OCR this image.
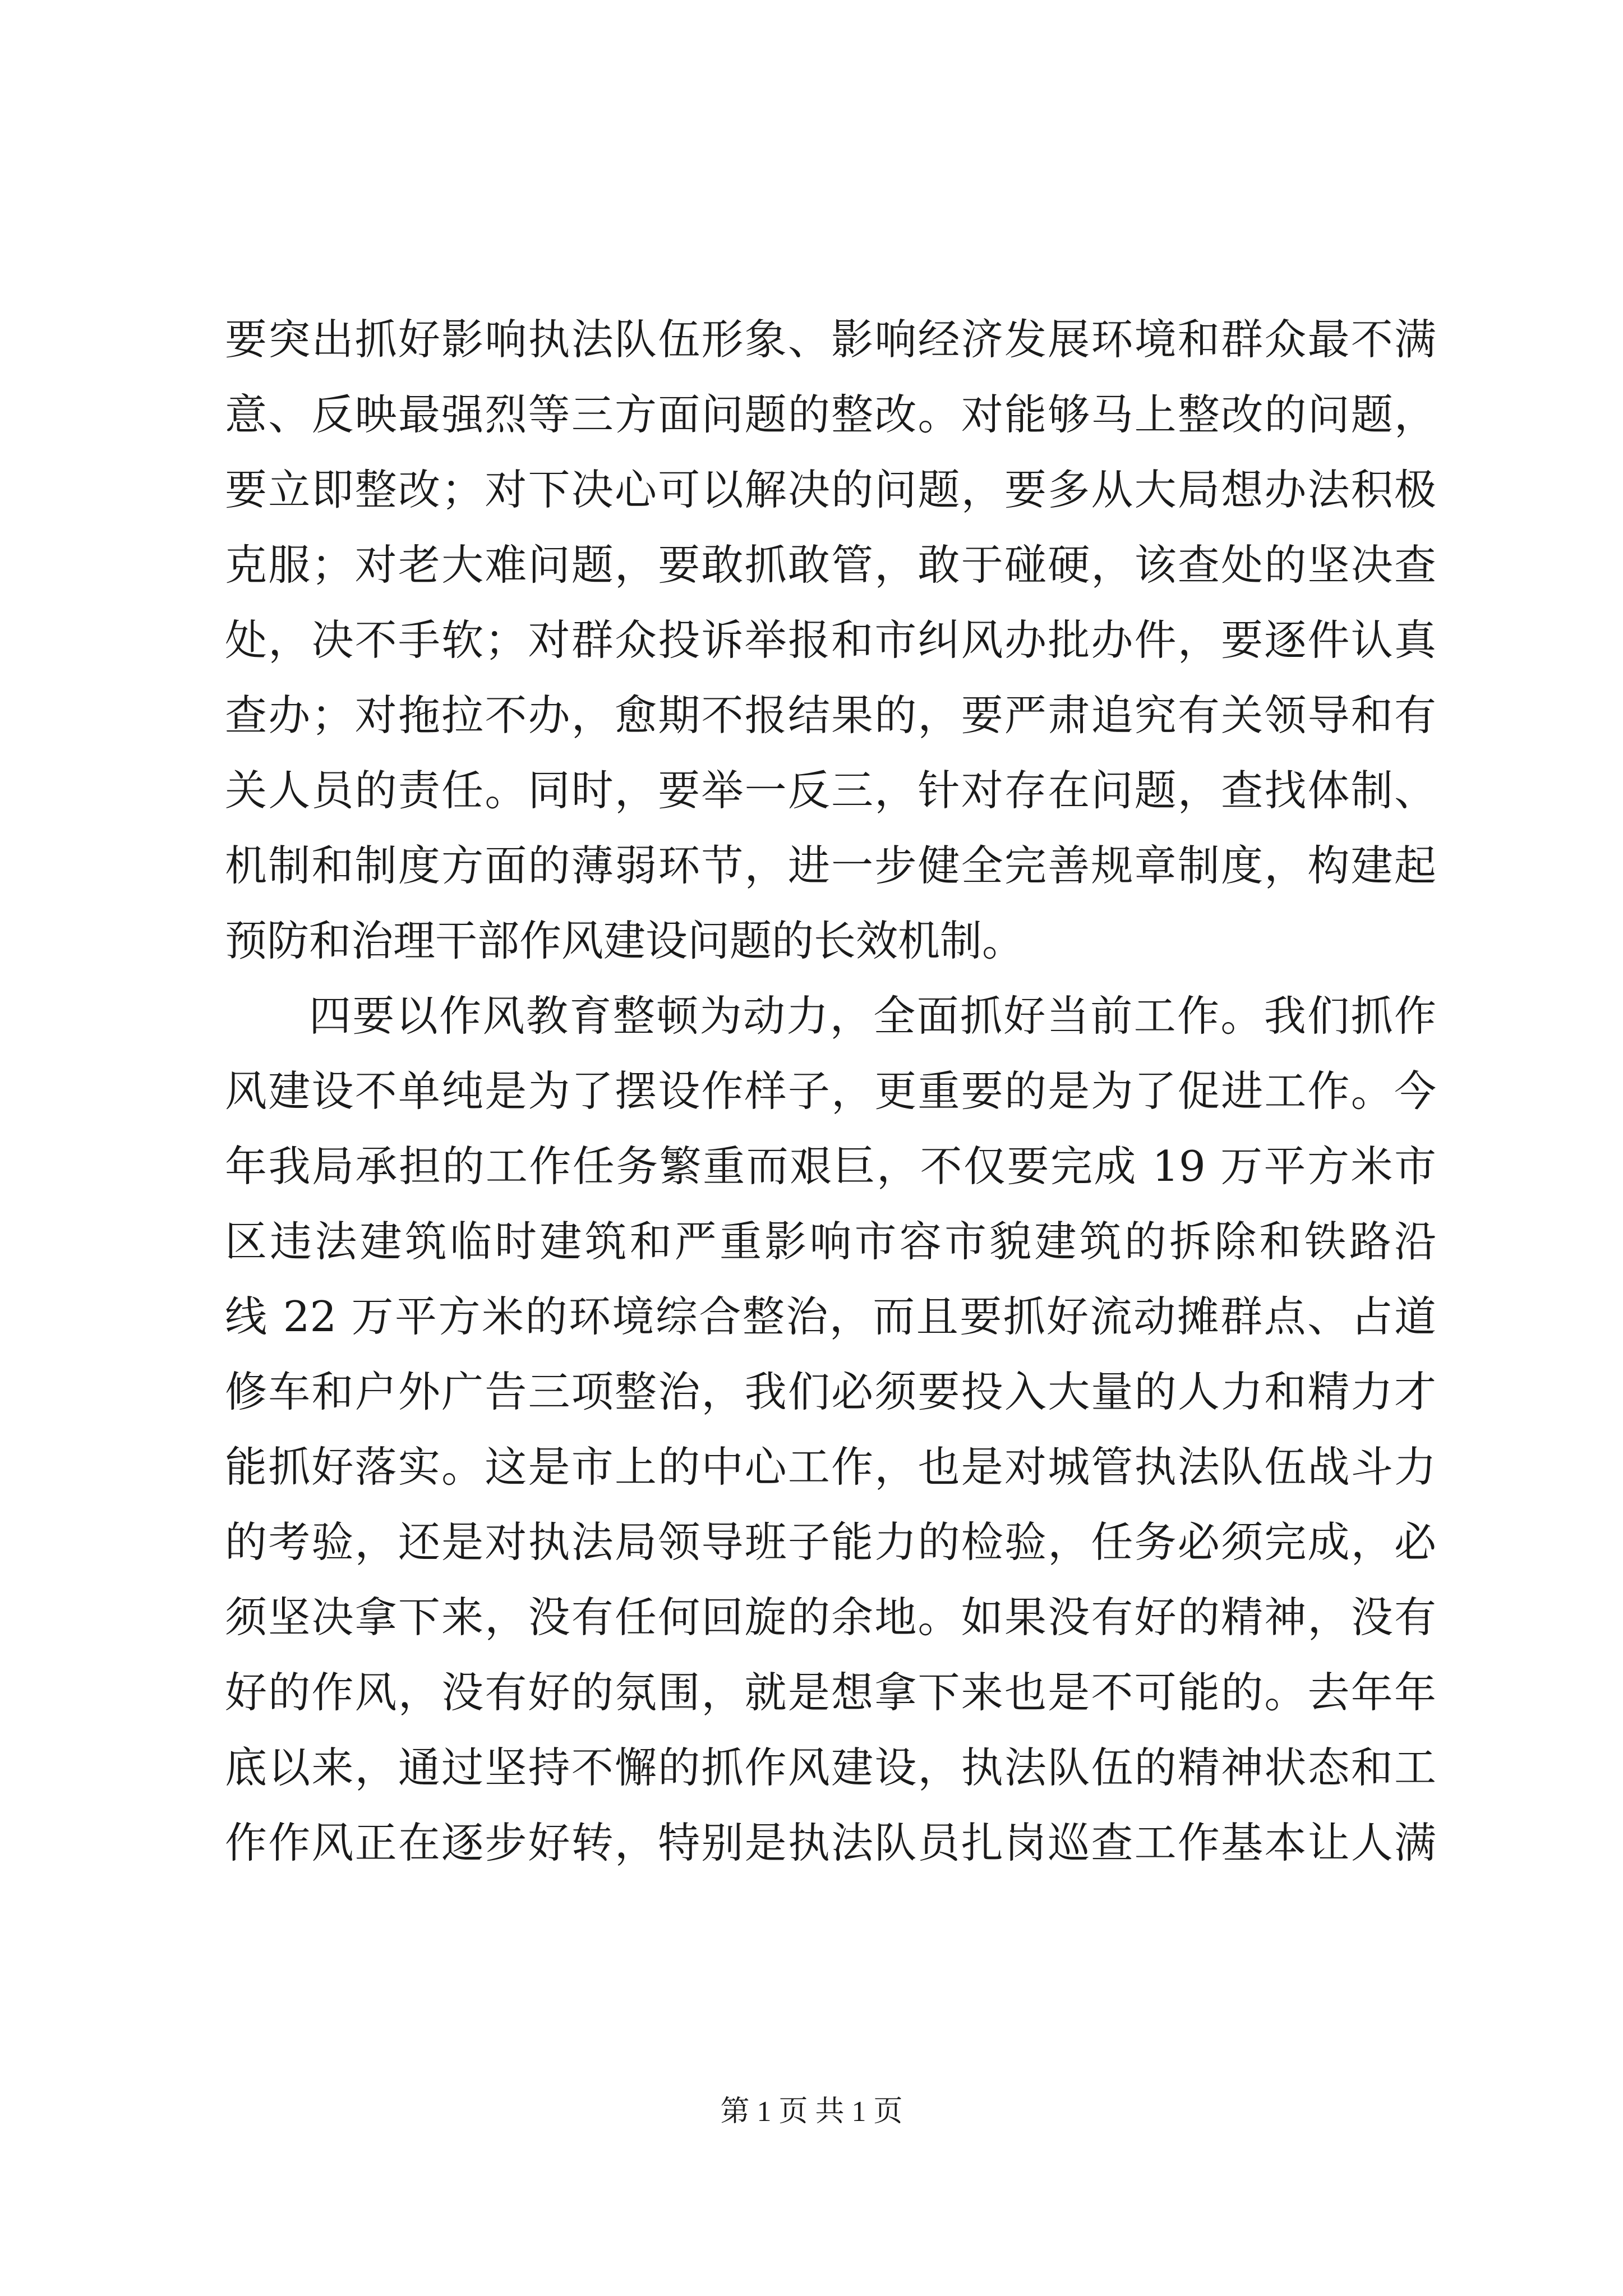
要突出抓好影响执法队伍形象、影响经济发展环境和群众最不满
意、反映最强烈等三方面问题的整改。对能够马上整改的问题，
要立即整改；对下决心可以解决的问题，要多从大局想办法积极
克服；对老大难问题，要敢抓敢管，敢于碰硬，该查处的坚决查
处，决不手软；对群众投诉举报和市纠风办批办件，要逐件认真
查办；对拖拉不办，愈期不报结果的，要严肃追究有关领导和有
关人员的责任。同时，要举一反三，针对存在问题，查找体制、
机制和制度方面的薄弱环节，进一步健全完善规章制度，构建起
预防和治理干部作风建设问题的长效机制。
四要以作风教育整顿为动力，全面抓好当前工作。我们抓作
风建设不单纯是为了摆设作样子，更重要的是为了促进工作。今
年我局承担的工作任务繁重而艰巨，不仅要完成 19 万平方米市
区违法建筑临时建筑和严重影响市容市貌建筑的拆除和铁路沿
线 22 万平方米的环境综合整治，而且要抓好流动摊群点、占道
修车和户外广告三项整治，我们必须要投入大量的人力和精力才
能抓好落实。这是市上的中心工作，也是对城管执法队伍战斗力
的考验，还是对执法局领导班子能力的检验，任务必须完成，必
须坚决拿下来，没有任何回旋的余地。如果没有好的精神，没有
好的作风，没有好的氛围，就是想拿下来也是不可能的。去年年
底以来，通过坚持不懈的抓作风建设，执法队伍的精神状态和工
作作风正在逐步好转，特别是执法队员扎岗巡查工作基本让人满
第 1 页 共 1 页
